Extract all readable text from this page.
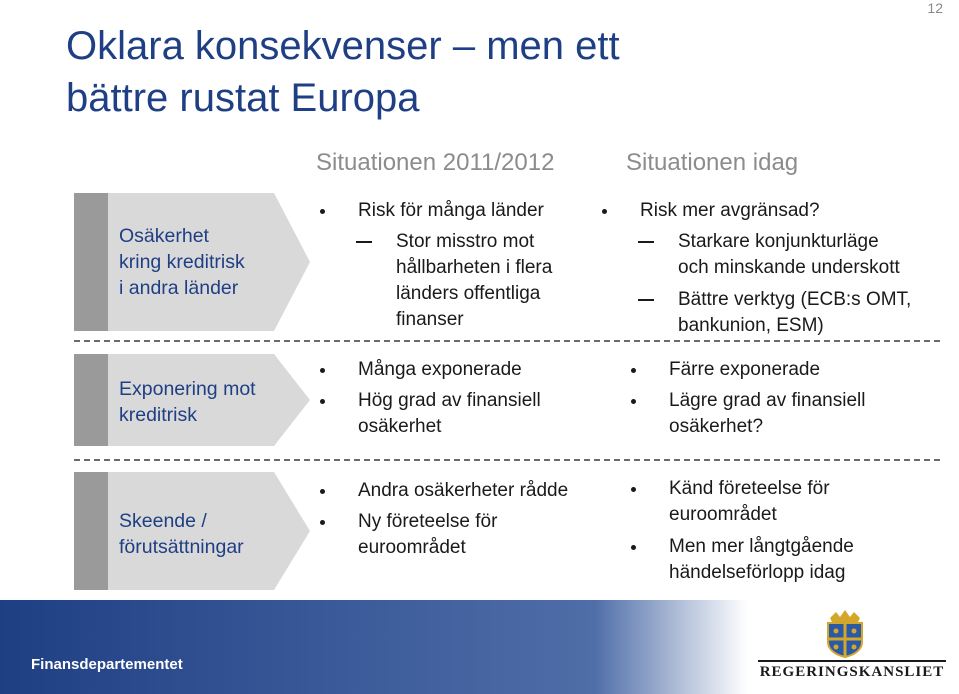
12
Oklara konsekvenser – men ett
bättre rustat Europa
Situationen 2011/2012	Situationen idag
Osäkerhet
kring kreditrisk
i andra länder
Risk för många länder
Stor misstro mot
hållbarheten i flera
länders offentliga
finanser
Risk mer avgränsad?
Starkare konjunkturläge
och minskande underskott
Bättre verktyg (ECB:s OMT,
bankunion, ESM)
Exponering mot
kreditrisk
Många exponerade
Hög grad av finansiell
osäkerhet
Färre exponerade
Lägre grad av finansiell
osäkerhet?
Skeende /
förutsättningar
Andra osäkerheter rådde
Ny företeelse för
euroområdet
Känd företeelse för
euroområdet
Men mer långtgående
händelseförlopp idag
Finansdepartementet	REGERINGSKANSLIET
